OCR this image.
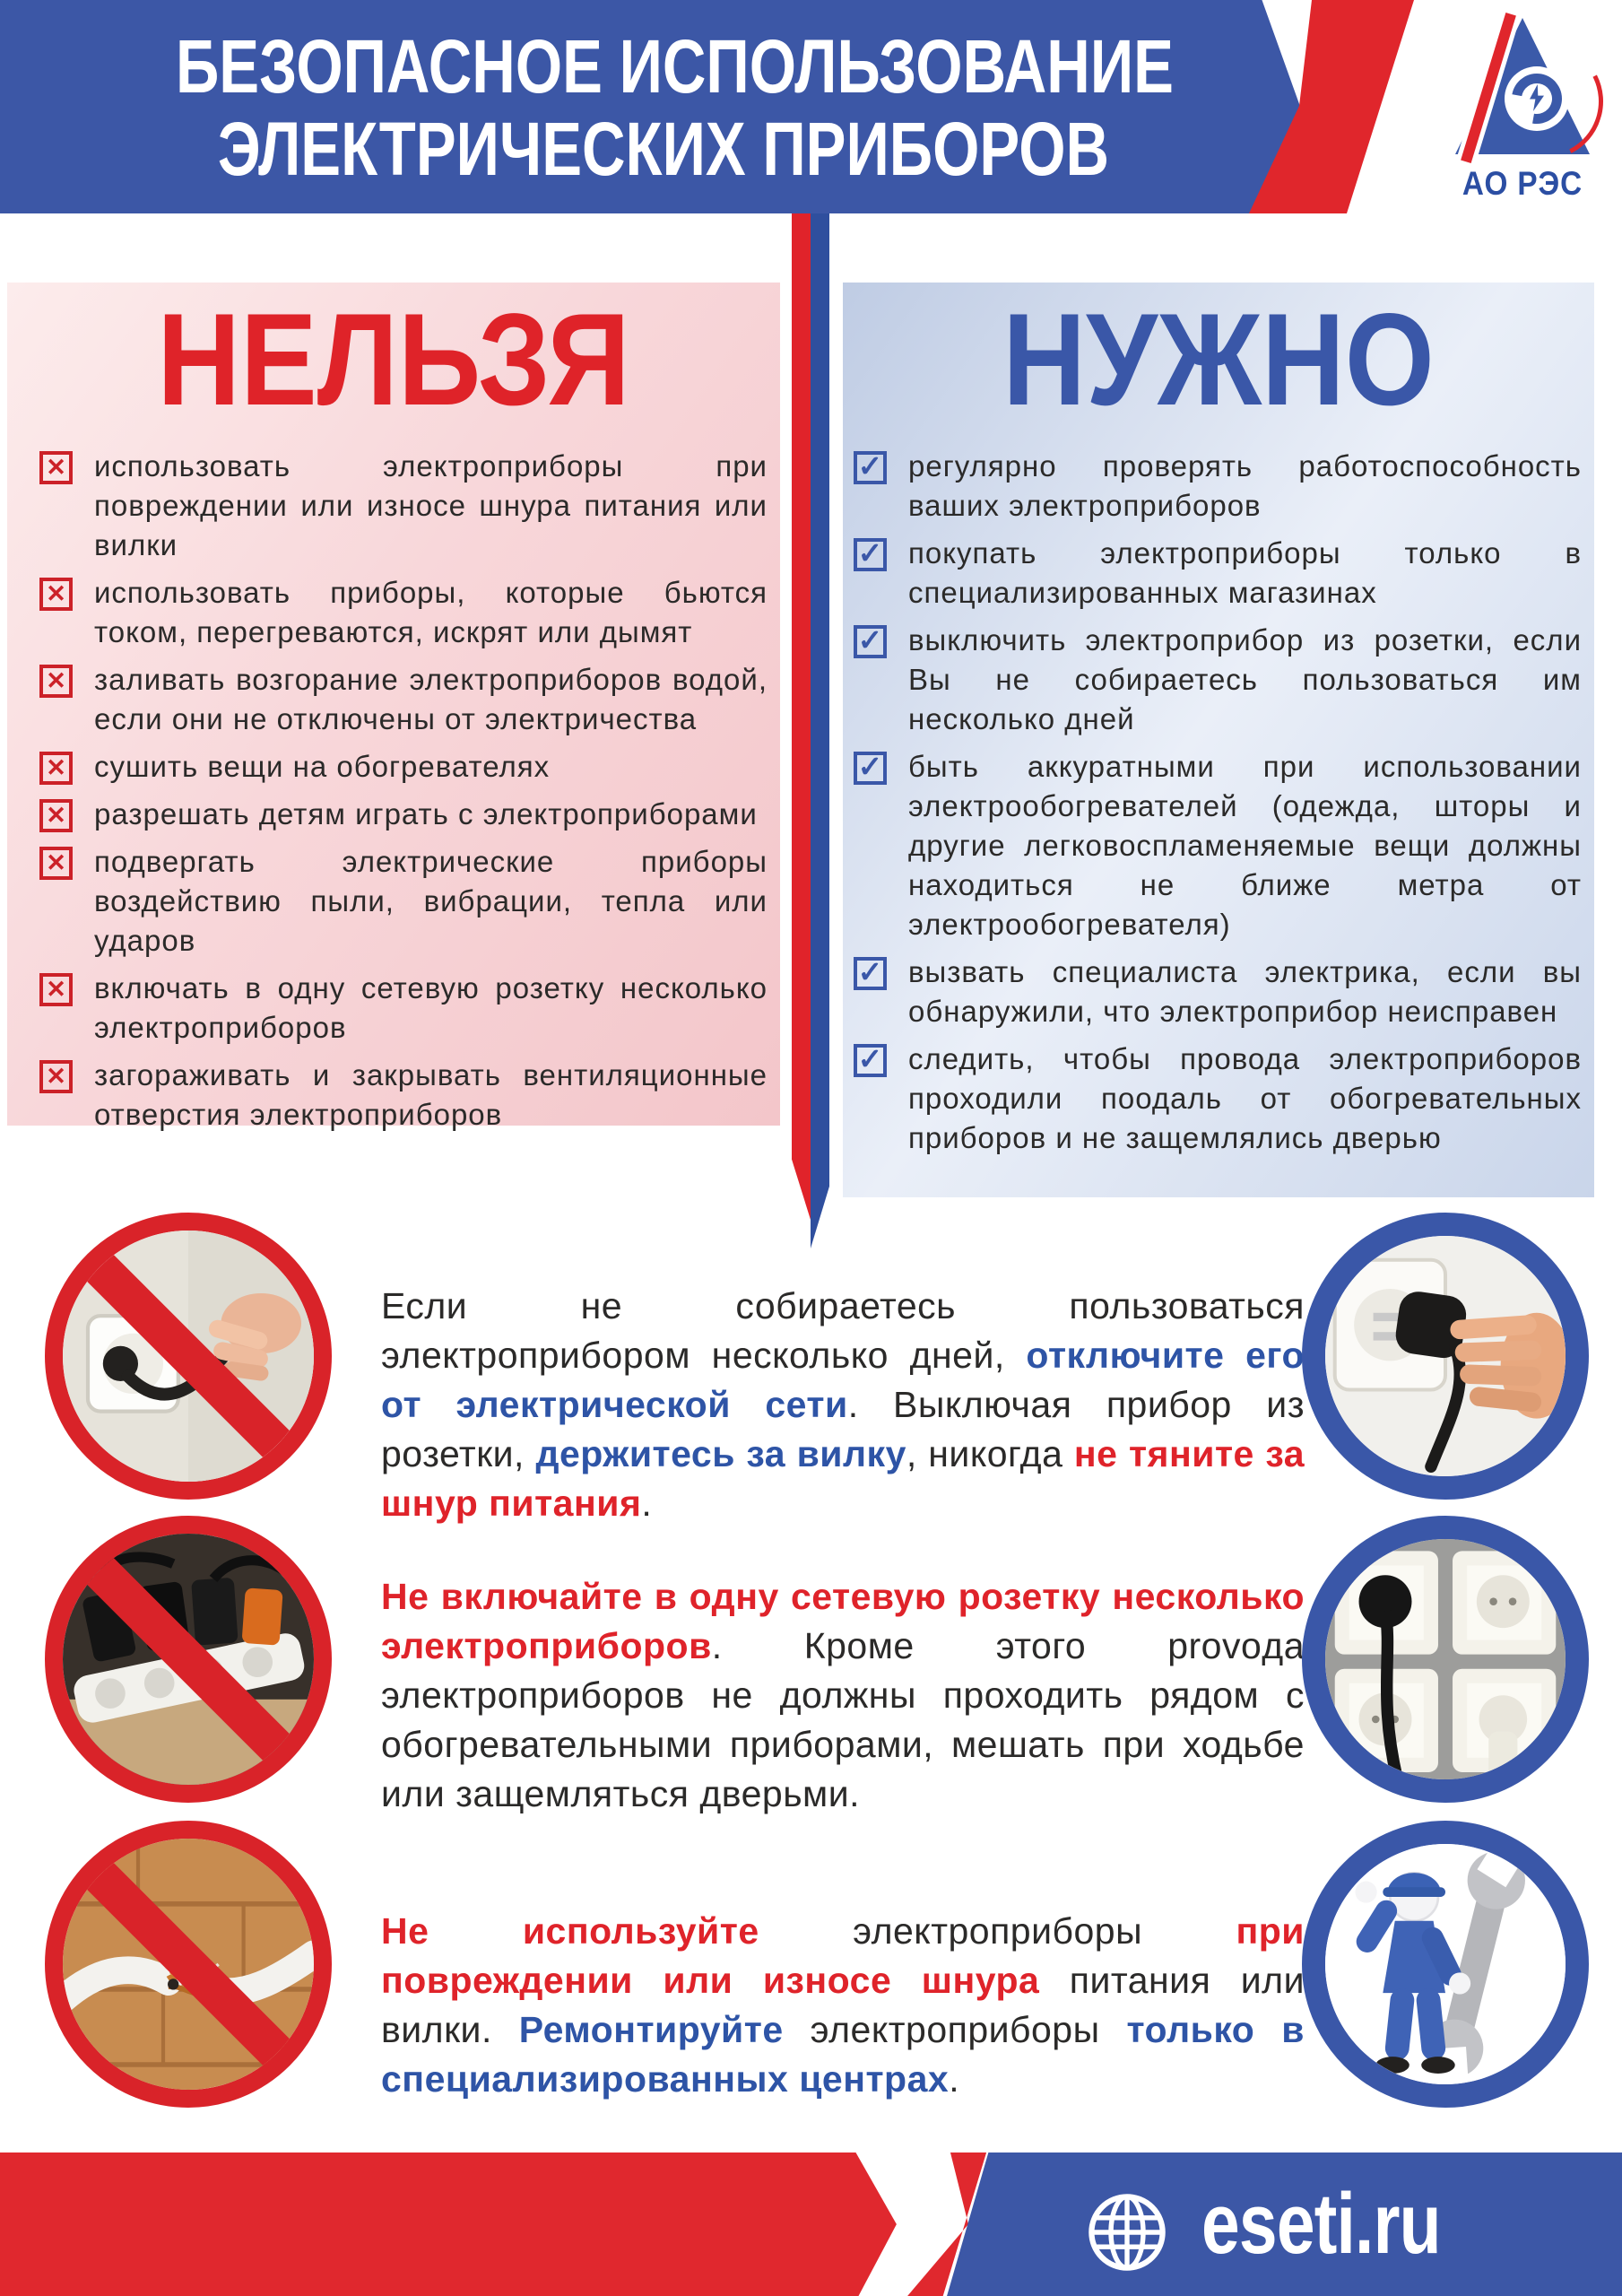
БЕЗОПАСНОЕ ИСПОЛЬЗОВАНИЕ
ЭЛЕКТРИЧЕСКИХ ПРИБОРОВ	АО РЭС
НЕЛЬЗЯ	НУЖНО
✕ использовать электроприборы при повреждении или износе шнура питания или вилки
✕ использовать приборы, которые бьются током, перегреваются, искрят или дымят
✕ заливать возгорание электроприборов водой, если они не отключены от электричества
✕ сушить вещи на обогревателях
✕ разрешать детям играть с электроприборами
✕ подвергать электрические приборы воздействию пыли, вибрации, тепла или ударов
✕ включать в одну сетевую розетку несколько электроприборов
✕ загораживать и закрывать вентиляционные отверстия электроприборов
✓ регулярно проверять работоспособность ваших электроприборов
✓ покупать электроприборы только в специализированных магазинах
✓ выключить электроприбор из розетки, если Вы не собираетесь пользоваться им несколько дней
✓ быть аккуратными при использовании электрообогревателей (одежда, шторы и другие легковоспламеняемые вещи должны находиться не ближе метра от электрообогревателя)
✓ вызвать специалиста электрика, если вы обнаружили, что электроприбор неисправен
✓ следить, чтобы провода электроприборов проходили поодаль от обогревательных приборов и не защемлялись дверью

Если не собираетесь пользоваться электроприбором несколько дней, отключите его от электрической сети. Выключая прибор из розетки, держитесь за вилку, никогда не тяните за шнур питания.

Не включайте в одну сетевую розетку несколько электроприборов. Кроме этого provoда электроприборов не должны проходить рядом с обогревательными приборами, мешать при ходьбе или защемляться дверьми.

Не используйте электроприборы при повреждении или износе шнура питания или вилки. Ремонтируйте электроприборы только в специализированных центрах.

eseti.ru
